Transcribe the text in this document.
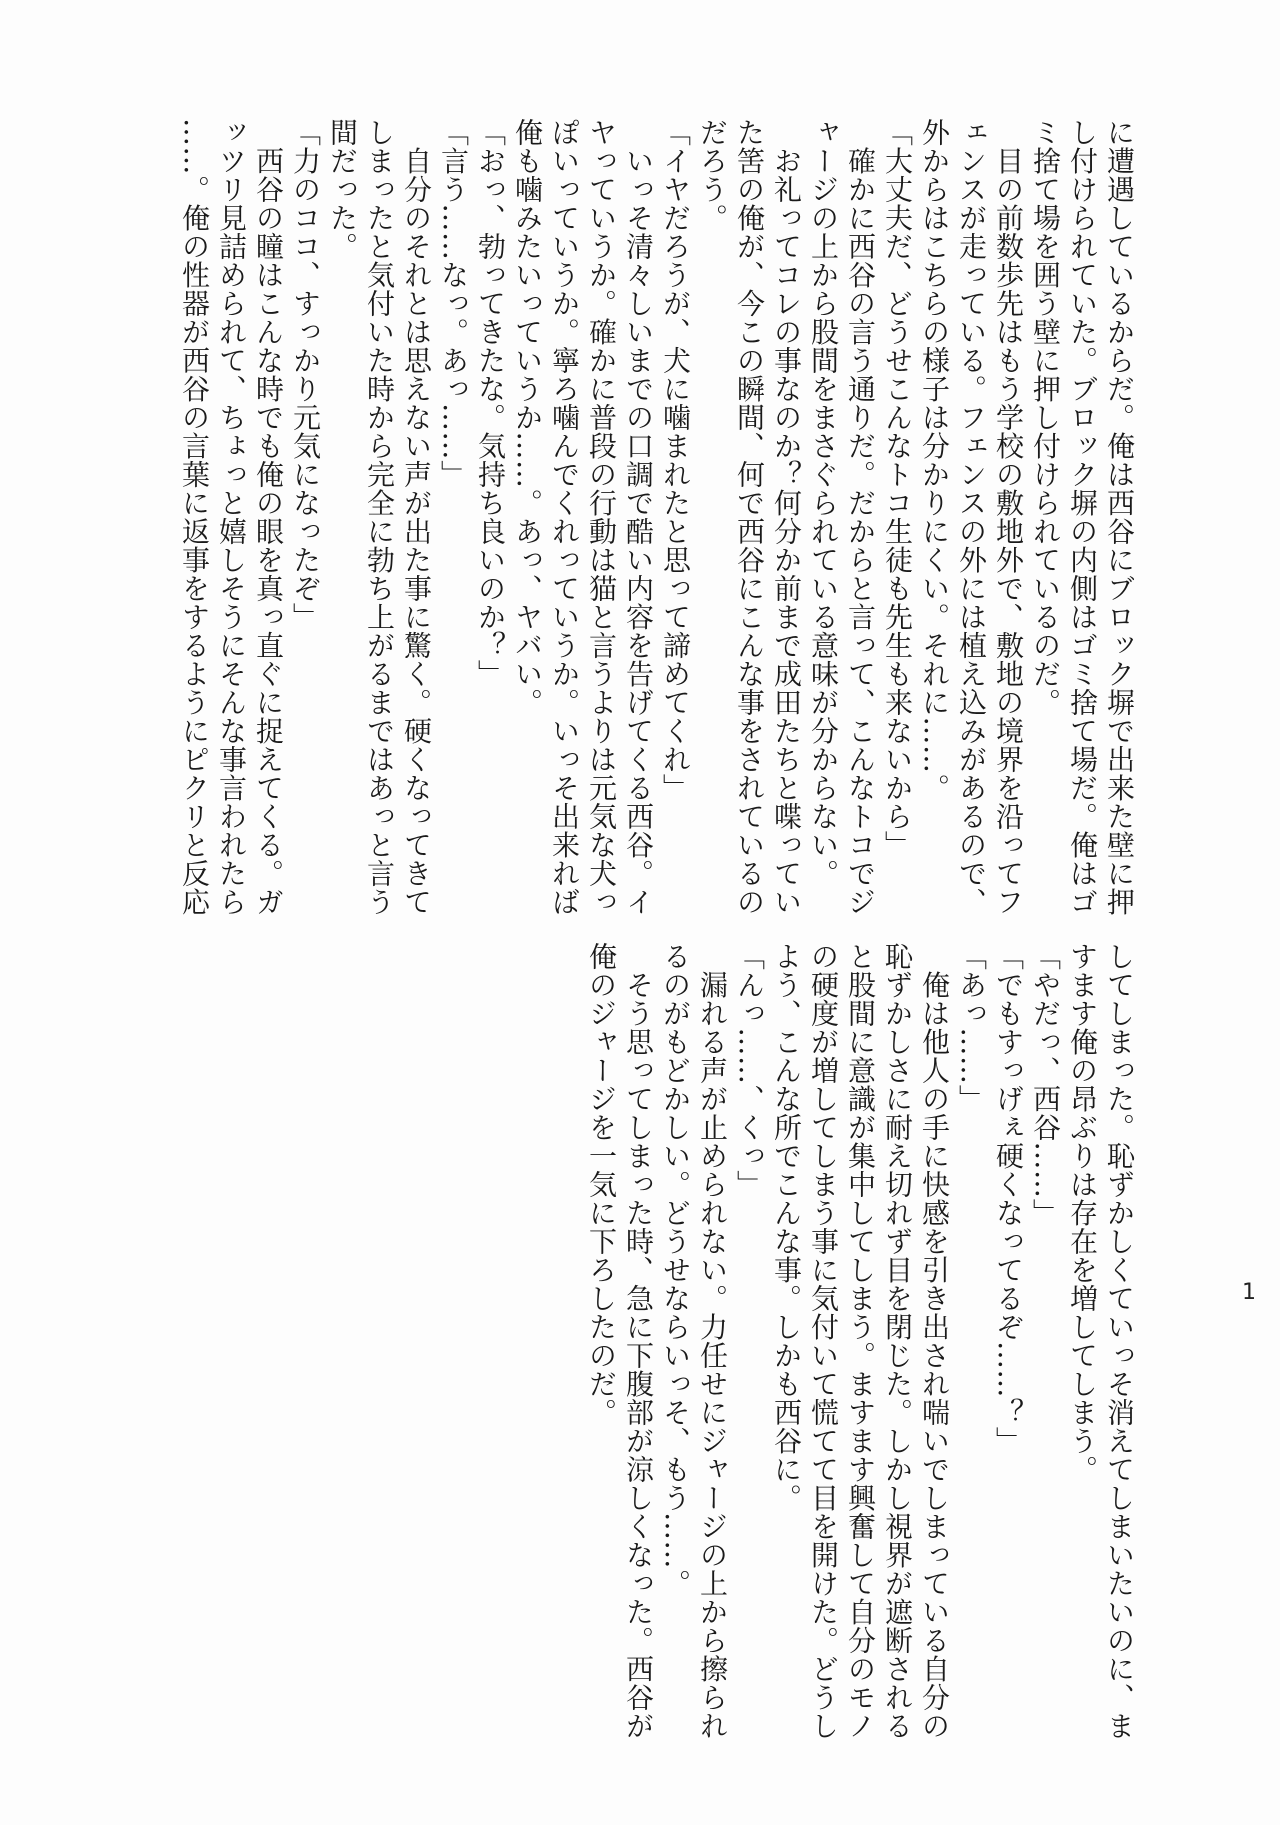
に遭遇しているからだ。俺は西谷にブロック塀で出来た壁に押
し付けられていた。ブロック塀の内側はゴミ捨て場だ。俺はゴ
ミ捨て場を囲う壁に押し付けられているのだ。
　目の前数歩先はもう学校の敷地外で、敷地の境界を沿ってフ
ェンスが走っている。フェンスの外には植え込みがあるので、
外からはこちらの様子は分かりにくい。それに……。
「大丈夫だ、どうせこんなトコ生徒も先生も来ないから」
　確かに西谷の言う通りだ。だからと言って、こんなトコでジ
ャージの上から股間をまさぐられている意味が分からない。
　お礼ってコレの事なのか？何分か前まで成田たちと喋ってい
た筈の俺が、今この瞬間、何で西谷にこんな事をされているの
だろう。
「イヤだろうが、犬に噛まれたと思って諦めてくれ」
　いっそ清々しいまでの口調で酷い内容を告げてくる西谷。イ
ヤっていうか。確かに普段の行動は猫と言うよりは元気な犬っ
ぽいっていうか。寧ろ噛んでくれっていうか。いっそ出来れば
俺も噛みたいっていうか……。あっ、ヤバい。
「おっ、勃ってきたな。気持ち良いのか？」
「言う……なっ。あっ……」
　自分のそれとは思えない声が出た事に驚く。硬くなってきて
しまったと気付いた時から完全に勃ち上がるまではあっと言う
間だった。
「力のココ、すっかり元気になったぞ」
　西谷の瞳はこんな時でも俺の眼を真っ直ぐに捉えてくる。ガ
ッツリ見詰められて、ちょっと嬉しそうにそんな事言われたら
……。俺の性器が西谷の言葉に返事をするようにピクリと反応
してしまった。恥ずかしくていっそ消えてしまいたいのに、ま
すます俺の昂ぶりは存在を増してしまう。
「やだっ、西谷……」
「でもすっげぇ硬くなってるぞ……？」
「あっ……」
　俺は他人の手に快感を引き出され喘いでしまっている自分の
恥ずかしさに耐え切れず目を閉じた。しかし視界が遮断される
と股間に意識が集中してしまう。ますます興奮して自分のモノ
の硬度が増してしまう事に気付いて慌てて目を開けた。どうし
よう、こんな所でこんな事。しかも西谷に。
「んっ……、くっ」
　漏れる声が止められない。力任せにジャージの上から擦られ
るのがもどかしい。どうせならいっそ、もう……。
　そう思ってしまった時、急に下腹部が涼しくなった。西谷が
俺のジャージを一気に下ろしたのだ。	1
